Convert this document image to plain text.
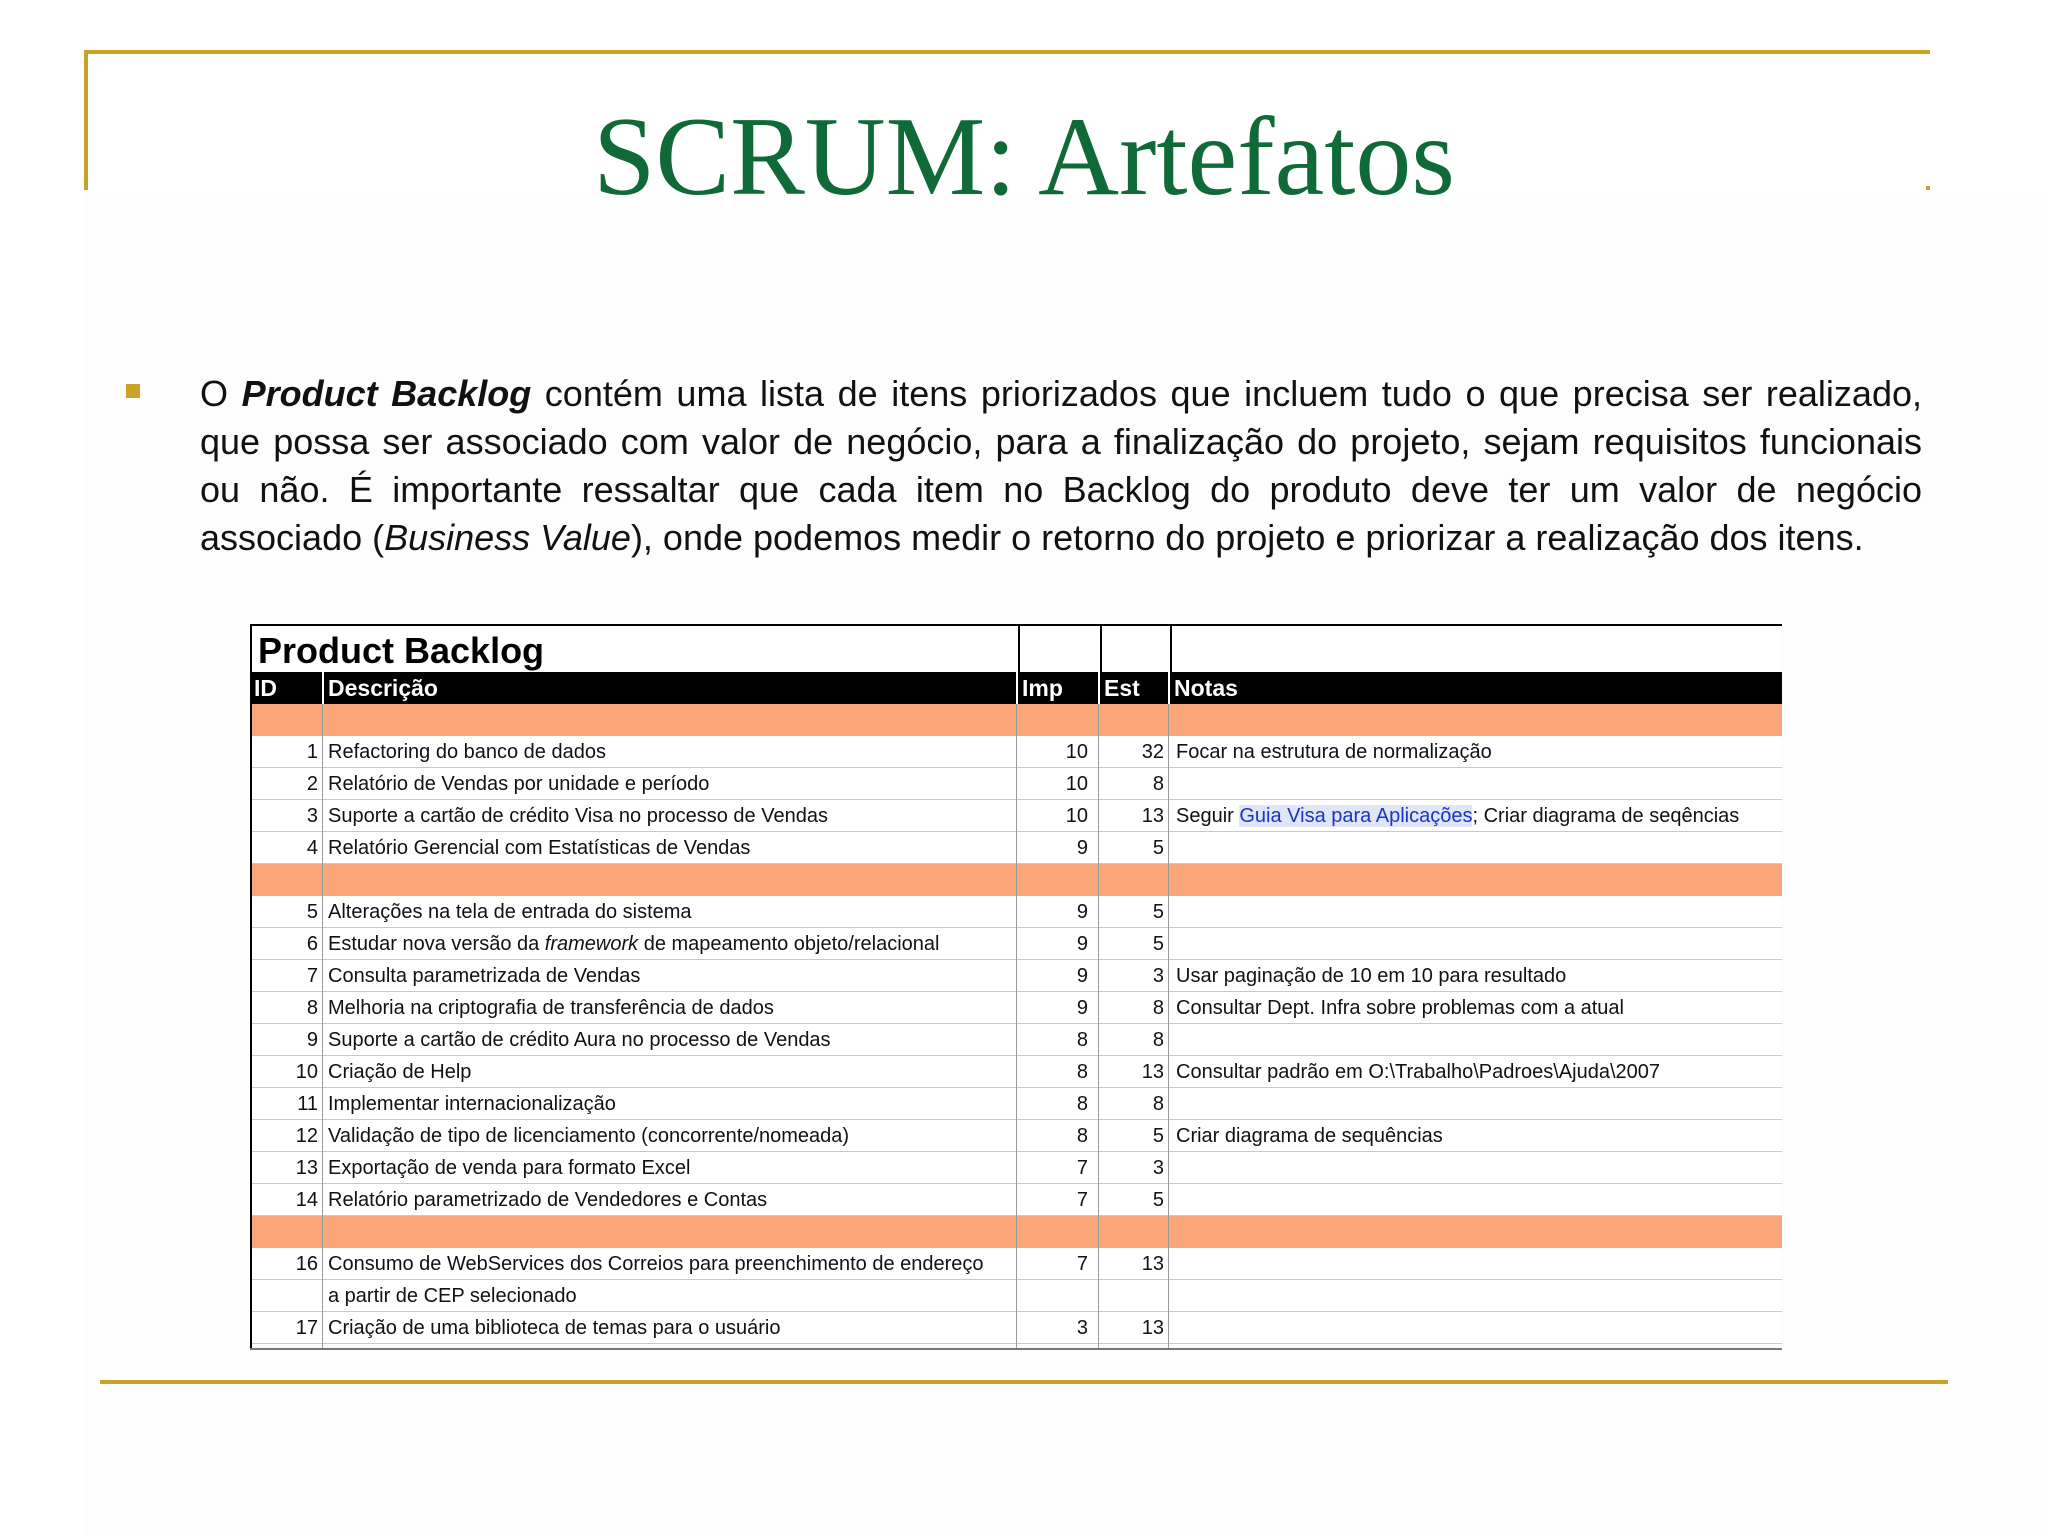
SCRUM: Artefatos
O Product Backlog contém uma lista de itens priorizados que incluem tudo o que precisa ser realizado, que possa ser associado com valor de negócio, para a finalização do projeto, sejam requisitos funcionais ou não. É importante ressaltar que cada item no Backlog do produto deve ter um valor de negócio associado (Business Value), onde podemos medir o retorno do projeto e priorizar a realização dos itens.
Product Backlog
ID Descrição	Imp Est Notas
1 Refactoring do banco de dados	10	32 Focar na estrutura de normalização
2 Relatório de Vendas por unidade e período	10	8
3 Suporte a cartão de crédito Visa no processo de Vendas	10	13 Seguir Guia Visa para Aplicações; Criar diagrama de seqências
4 Relatório Gerencial com Estatísticas de Vendas	9	5
5 Alterações na tela de entrada do sistema	9	5
6 Estudar nova versão da framework de mapeamento objeto/relacional	9	5
7 Consulta parametrizada de Vendas	9	3 Usar paginação de 10 em 10 para resultado
8 Melhoria na criptografia de transferência de dados	9	8 Consultar Dept. Infra sobre problemas com a atual
9 Suporte a cartão de crédito Aura no processo de Vendas	8	8
10 Criação de Help	8	13 Consultar padrão em O:\Trabalho\Padroes\Ajuda\2007
11 Implementar internacionalização	8	8
12 Validação de tipo de licenciamento (concorrente/nomeada)	8	5 Criar diagrama de sequências
13 Exportação de venda para formato Excel	7	3
14 Relatório parametrizado de Vendedores e Contas	7	5
16 Consumo de WebServices dos Correios para preenchimento de endereço	7	13
a partir de CEP selecionado
17 Criação de uma biblioteca de temas para o usuário	3	13
